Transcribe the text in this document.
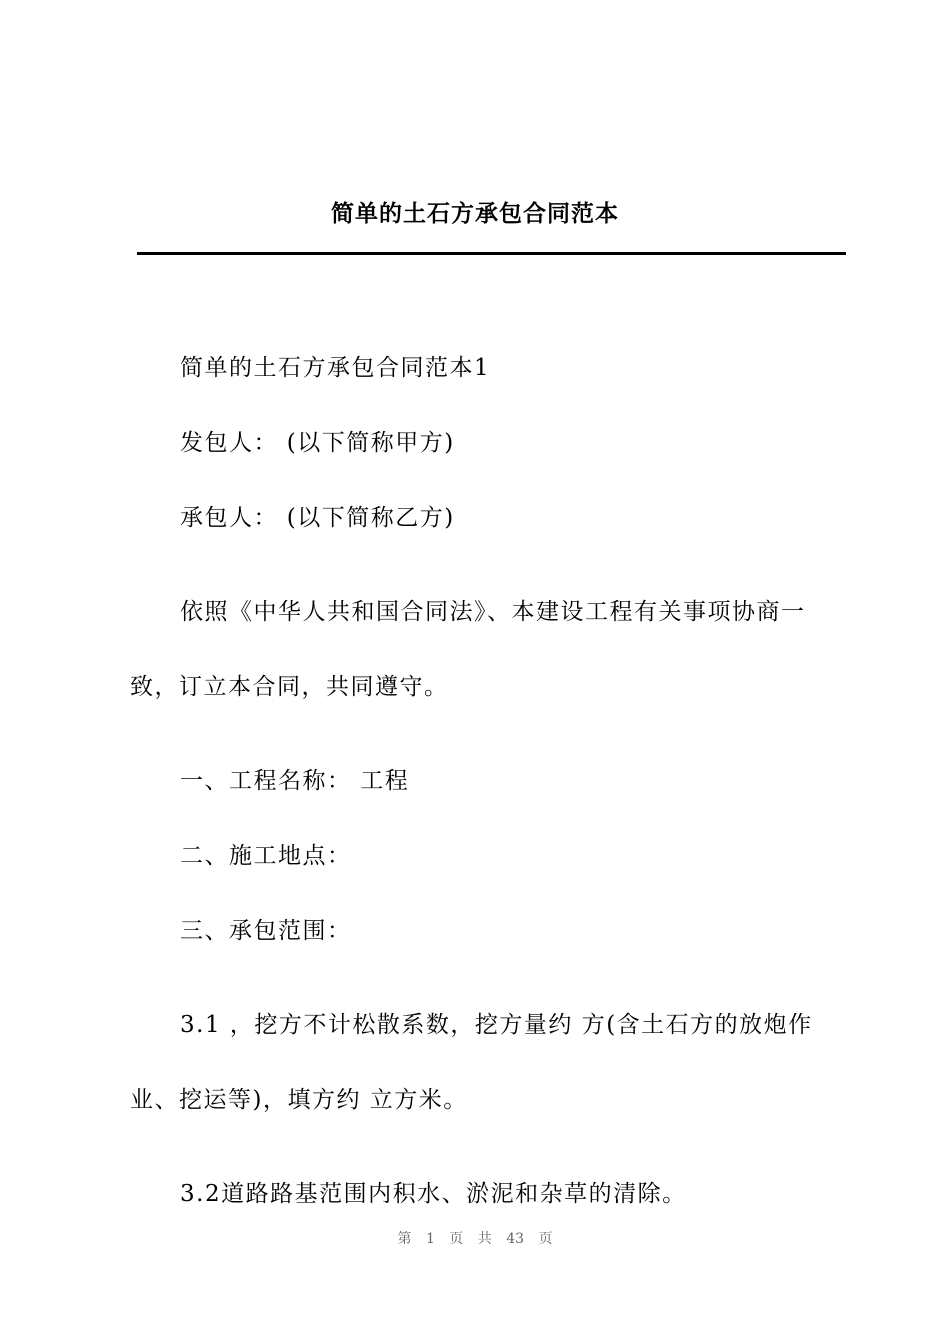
简单的土石方承包合同范本

简单的土石方承包合同范本1

发包人： (以下简称甲方)

承包人： (以下简称乙方)

依照《中华人共和国合同法》、本建设工程有关事项协商一致，订立本合同，共同遵守。

一、工程名称： 工程

二、施工地点：

三、承包范围：

3.1 ，挖方不计松散系数，挖方量约 方(含土石方的放炮作业、挖运等)，填方约 立方米。

3.2道路路基范围内积水、淤泥和杂草的清除。

第 1 页 共 43 页
